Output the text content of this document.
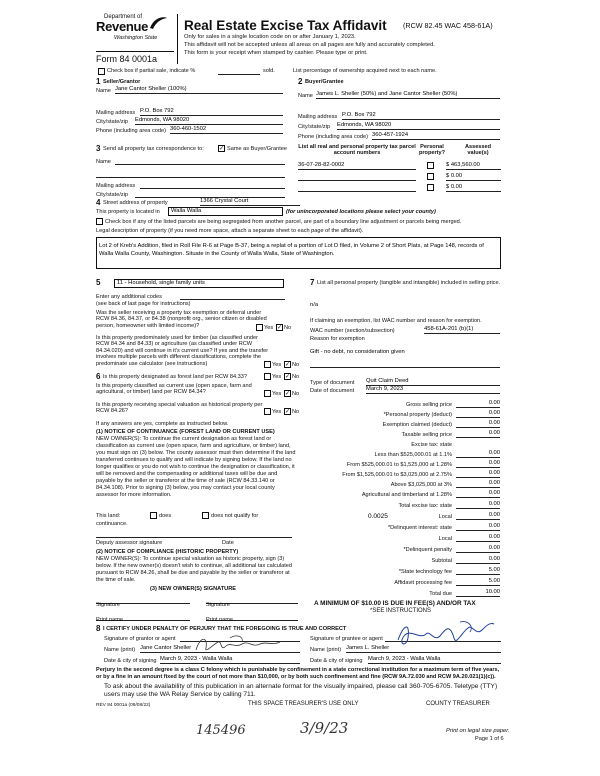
Department of
Revenue
Washington State
Form 84 0001a
Real Estate Excise Tax Affidavit (RCW 82.45 WAC 458-61A)
Only for sales in a single location code on or after January 1, 2023.
This affidavit will not be accepted unless all areas on all pages are fully and accurately completed.
This form is your receipt when stamped by cashier. Please type or print.
Check box if partial sale, indicate %	sold.	List percentage of ownership acquired next to each name.
1 Seller/Grantor
Name Jane Cantor Sheller (100%)
Mailing address P.O. Box 792
City/state/zip Edmonds, WA 98020
Phone (including area code) 360-460-1502
2 Buyer/Grantee
Name James L. Sheller (50%) and Jane Cantor Sheller (50%)
Mailing address P.O. Box 792
City/state/zip Edmonds, WA 98020
Phone (including area code) 360-457-1924
3 Send all property tax correspondence to:	✓ Same as Buyer/Grantee
Name
Mailing address
City/state/zip
List all real and personal property tax parcel account numbers
Personal property?
Assessed value(s)
36-07-28-82-0002	$ 463,560.00
$ 0.00
$ 0.00
4 Street address of property	1366 Crystal Court
This property is located in	Walla Walla	(for unincorporated locations please select your county)
Check box if any of the listed parcels are being segregated from another parcel, are part of a boundary line adjustment or parcels being merged.
Legal description of property (if you need more space, attach a separate sheet to each page of the affidavit).
Lot 2 of Kreb's Addition, filed in Roll File R-6 at Page B-37, being a replat of a portion of Lot D filed, in Volume 2 of Short Plats, at Page 148, records of Walla Walla County, Washington. Situate in the County of Walla Walla, State of Washington.
5	11 - Household, single family units
Enter any additional codes
(see back of last page for instructions)
Was the seller receiving a property tax exemption or deferral under RCW 84.36, 84.37, or 84.38 (nonprofit org., senior citizen or disabled person, homeowner with limited income)?	Yes ✓ No
Is this property predominately used for timber (as classified under RCW 84.34 and 84.33) or agriculture (as classified under RCW 84.34.020) and will continue in it's current use? If yes and the transfer involves multiple parcels with different classifications, complete the predominate use calculator (see instructions)	Yes ✓ No
6 Is this property designated as forest land per RCW 84.33?	Yes ✓ No
Is this property classified as current use (open space, farm and agricultural, or timber) land per RCW 84.34?	Yes ✓ No
Is this property receiving special valuation as historical property per RCW 84.26?	Yes ✓ No
If any answers are yes, complete as instructed below.
(1) NOTICE OF CONTINUANCE (FOREST LAND OR CURRENT USE)
NEW OWNER(S): To continue the current designation as forest land or classification as current use (open space, farm and agriculture, or timber) land, you must sign on (3) below. The county assessor must then determine if the land transferred continues to qualify and will indicate by signing below. If the land no longer qualifies or you do not wish to continue the designation or classification, it will be removed and the compensating or additional taxes will be due and payable by the seller or transferor at the time of sale (RCW 84.33.140 or 84.34.108). Prior to signing (3) below, you may contact your local county assessor for more information.
This land:	does	does not qualify for
continuance.
Deputy assessor signature	Date
(2) NOTICE OF COMPLIANCE (HISTORIC PROPERTY)
NEW OWNER(S): To continue special valuation as historic property, sign (3) below. If the new owner(s) doesn't wish to continue, all additional tax calculated pursuant to RCW 84.26, shall be due and payable by the seller or transferor at the time of sale.
(3) NEW OWNER(S) SIGNATURE
Signature	Signature
Print name	Print name
7 List all personal property (tangible and intangible) included in selling price.
n/a
If claiming an exemption, list WAC number and reason for exemption.
WAC number (section/subsection)	458-61A-201 (b)(1)
Reason for exemption
Gift - no debt, no consideration given
Type of document Quit Claim Deed
Date of document March 9, 2023
Gross selling price	0.00
*Personal property (deduct)	0.00
Exemption claimed (deduct)	0.00
Taxable selling price	0.00
Excise tax: state
Less than $525,000.01 at 1.1%	0.00
From $525,000.01 to $1,525,000 at 1.28%	0.00
From $1,525,000.01 to $3,025,000 at 2.75%	0.00
Above $3,025,000 at 3%	0.00
Agricultural and timberland at 1.28%	0.00
Total excise tax: state	0.00
0.0025	Local	0.00
*Delinquent interest: state	0.00
Local	0.00
*Delinquent penalty	0.00
Subtotal	0.00
*State technology fee	5.00
Affidavit processing fee	5.00
Total due	10.00
A MINIMUM OF $10.00 IS DUE IN FEE(S) AND/OR TAX
*SEE INSTRUCTIONS
8 I CERTIFY UNDER PENALTY OF PERJURY THAT THE FOREGOING IS TRUE AND CORRECT
Signature of grantor or agent
Name (print) Jane Cantor Sheller
Date & city of signing March 9, 2023 - Walla Walla
Signature of grantee or agent
Name (print) James L. Sheller
Date & city of signing March 9, 2023 - Walla Walla
Perjury in the second degree is a class C felony which is punishable by confinement in a state correctional institution for a maximum term of five years, or by a fine in an amount fixed by the court of not more than $10,000, or by both such confinement and fine (RCW 9A.72.030 and RCW 9A.20.021(1)(c)).
To ask about the availability of this publication in an alternate format for the visually impaired, please call 360-705-6705. Teletype (TTY) users may use the WA Relay Service by calling 711.
REV 84 0001a (09/08/22)	THIS SPACE TREASURER'S USE ONLY	COUNTY TREASURER
Print on legal size paper.
Page 1 of 6
145496	3/9/23
